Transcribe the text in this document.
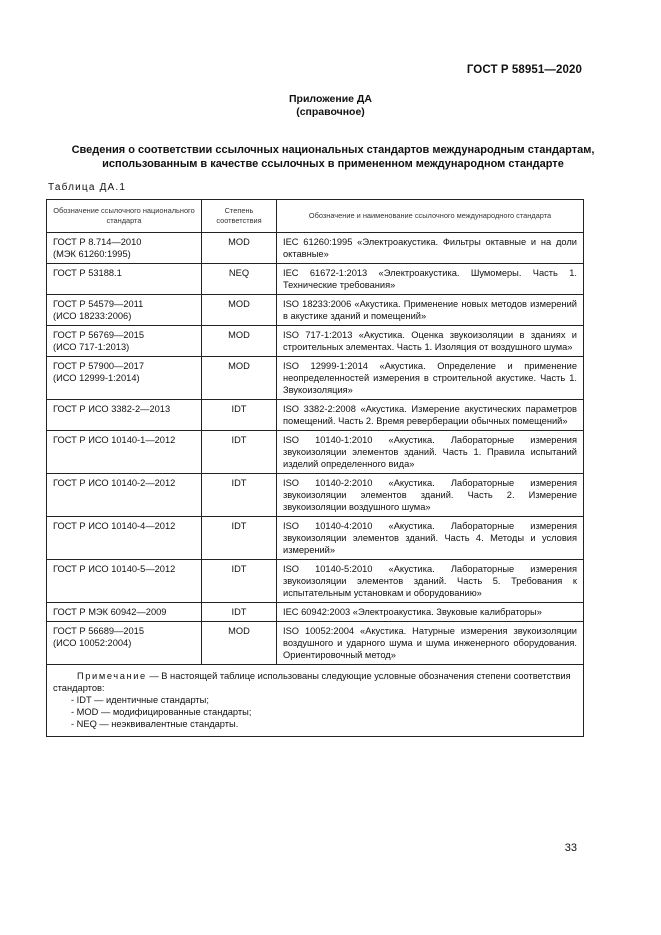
ГОСТ Р 58951—2020
Приложение ДА
(справочное)
Сведения о соответствии ссылочных национальных стандартов международным стандартам, использованным в качестве ссылочных в примененном международном стандарте
Таблица ДА.1
Обозначение ссылочного национального стандарта	Степень соответствия	Обозначение и наименование ссылочного международного стандарта

ГОСТ Р 8.714—2010
(МЭК 61260:1995)	MOD	IEC 61260:1995 «Электроакустика. Фильтры октавные и на доли октавные»

ГОСТ Р 53188.1	NEQ	IEC 61672-1:2013 «Электроакустика. Шумомеры. Часть 1. Технические требования»

ГОСТ Р 54579—2011
(ИСО 18233:2006)	MOD	ISO 18233:2006 «Акустика. Применение новых методов измерений в акустике зданий и помещений»

ГОСТ Р 56769—2015
(ИСО 717-1:2013)	MOD	ISO 717-1:2013 «Акустика. Оценка звукоизоляции в зданиях и строительных элементах. Часть 1. Изоляция от воздушного шума»

ГОСТ Р 57900—2017
(ИСО 12999-1:2014)	MOD	ISO 12999-1:2014 «Акустика. Определение и применение неопределенностей измерения в строительной акустике. Часть 1. Звукоизоляция»

ГОСТ Р ИСО 3382-2—2013	IDT	ISO 3382-2:2008 «Акустика. Измерение акустических параметров помещений. Часть 2. Время реверберации обычных помещений»

ГОСТ Р ИСО 10140-1—2012	IDT	ISO 10140-1:2010 «Акустика. Лабораторные измерения звукоизоляции элементов зданий. Часть 1. Правила испытаний изделий определенного вида»

ГОСТ Р ИСО 10140-2—2012	IDT	ISO 10140-2:2010 «Акустика. Лабораторные измерения звукоизоляции элементов зданий. Часть 2. Измерение звукоизоляции воздушного шума»

ГОСТ Р ИСО 10140-4—2012	IDT	ISO 10140-4:2010 «Акустика. Лабораторные измерения звукоизоляции элементов зданий. Часть 4. Методы и условия измерений»

ГОСТ Р ИСО 10140-5—2012	IDT	ISO 10140-5:2010 «Акустика. Лабораторные измерения звукоизоляции элементов зданий. Часть 5. Требования к испытательным установкам и оборудованию»

ГОСТ Р МЭК 60942—2009	IDT	IEC 60942:2003 «Электроакустика. Звуковые калибраторы»

ГОСТ Р 56689—2015
(ИСО 10052:2004)	MOD	ISO 10052:2004 «Акустика. Натурные измерения звукоизоляции воздушного и ударного шума и шума инженерного оборудования. Ориентировочный метод»

Примечание — В настоящей таблице использованы следующие условные обозначения степени соответствия стандартов:
- IDT — идентичные стандарты;
- MOD — модифицированные стандарты;
- NEQ — неэквивалентные стандарты.		
33
